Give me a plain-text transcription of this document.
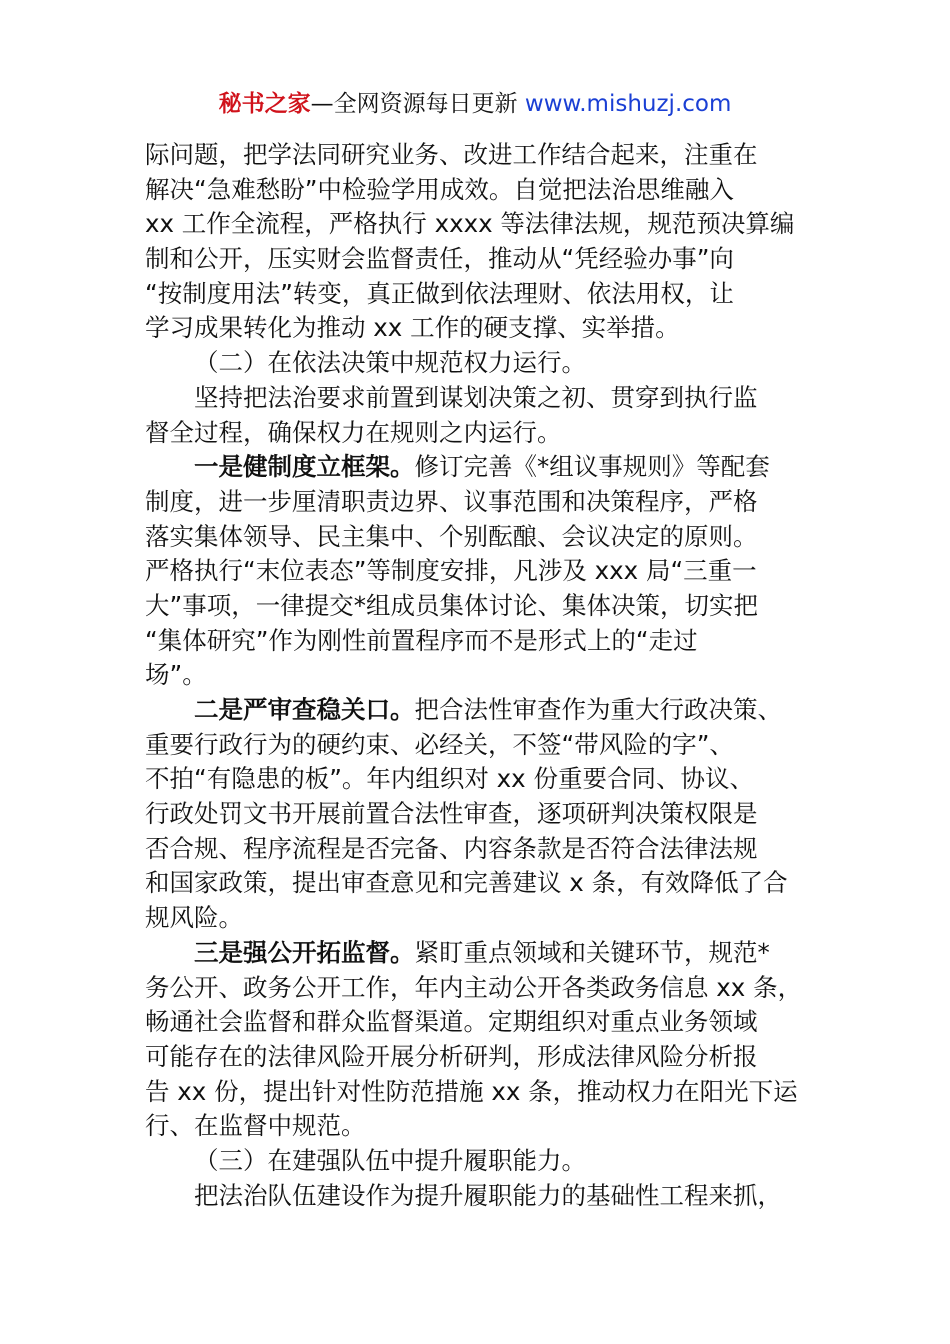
秘书之家—全网资源每日更新 www.mishuzj.com
际问题，把学法同研究业务、改进工作结合起来，注重在
解决“急难愁盼”中检验学用成效。自觉把法治思维融入
xx 工作全流程，严格执行 xxxx 等法律法规，规范预决算编
制和公开，压实财会监督责任，推动从“凭经验办事”向
“按制度用法”转变，真正做到依法理财、依法用权，让
学习成果转化为推动 xx 工作的硬支撑、实举措。
（二）在依法决策中规范权力运行。
坚持把法治要求前置到谋划决策之初、贯穿到执行监
督全过程，确保权力在规则之内运行。
一是健制度立框架。修订完善《*组议事规则》等配套
制度，进一步厘清职责边界、议事范围和决策程序，严格
落实集体领导、民主集中、个别酝酿、会议决定的原则。
严格执行“末位表态”等制度安排，凡涉及 xxx 局“三重一
大”事项，一律提交*组成员集体讨论、集体决策，切实把
“集体研究”作为刚性前置程序而不是形式上的“走过
场”。
二是严审查稳关口。把合法性审查作为重大行政决策、
重要行政行为的硬约束、必经关，不签“带风险的字”、
不拍“有隐患的板”。年内组织对 xx 份重要合同、协议、
行政处罚文书开展前置合法性审查，逐项研判决策权限是
否合规、程序流程是否完备、内容条款是否符合法律法规
和国家政策，提出审查意见和完善建议 x 条，有效降低了合
规风险。
三是强公开拓监督。紧盯重点领域和关键环节，规范*
务公开、政务公开工作，年内主动公开各类政务信息 xx 条，
畅通社会监督和群众监督渠道。定期组织对重点业务领域
可能存在的法律风险开展分析研判，形成法律风险分析报
告 xx 份，提出针对性防范措施 xx 条，推动权力在阳光下运
行、在监督中规范。
（三）在建强队伍中提升履职能力。
把法治队伍建设作为提升履职能力的基础性工程来抓，
